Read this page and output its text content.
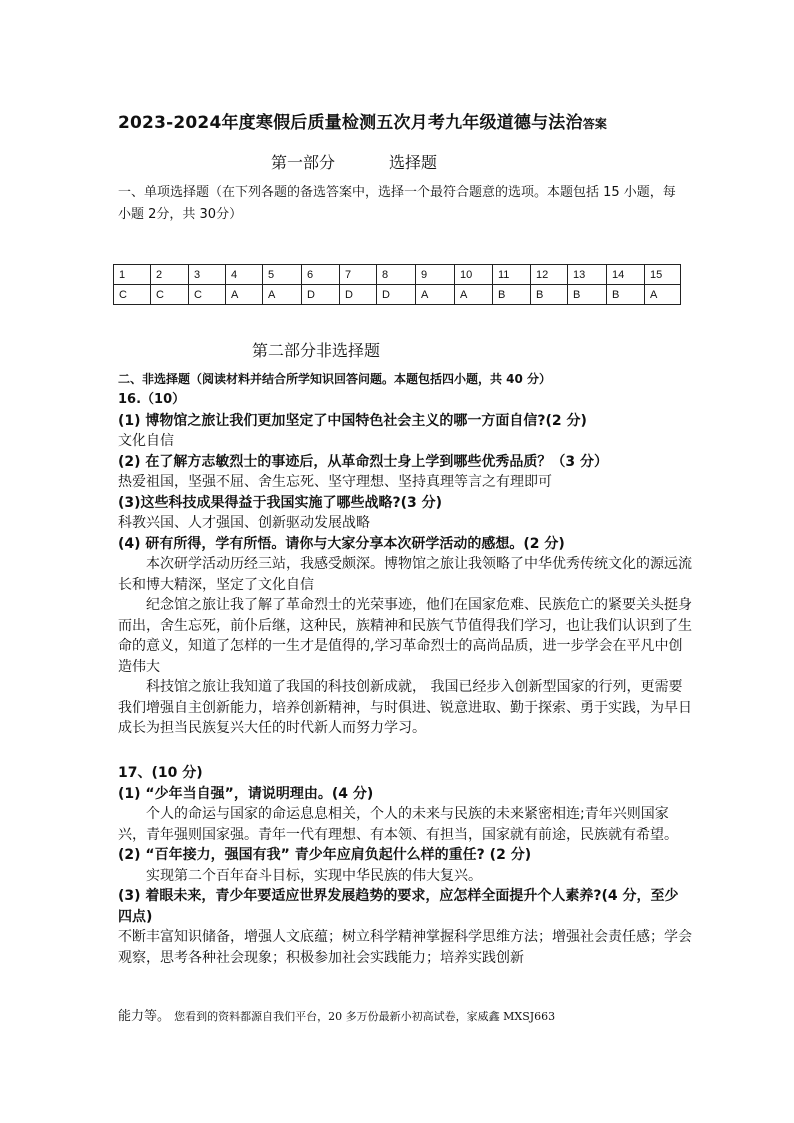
2023-2024年度寒假后质量检测五次月考九年级道德与法治答案
第一部分	选择题
一、单项选择题（在下列各题的备选答案中，选择一个最符合题意的选项。本题包括 15 小题，每小题 2分，共 30分）
1	2	3	4	5	6	7	8	9	10	11	12	13	14	15
C	C	C	A	A	D	D	D	A	A	B	B	B	B	A
第二部分非选择题
二、非选择题（阅读材料并结合所学知识回答问题。本题包括四小题，共 40 分）
16.（10）
(1) 博物馆之旅让我们更加坚定了中国特色社会主义的哪一方面自信?(2 分)
文化自信
(2) 在了解方志敏烈士的事迹后，从革命烈士身上学到哪些优秀品质？（3 分）
热爱祖国，坚强不屈、舍生忘死、坚守理想、坚持真理等言之有理即可
(3)这些科技成果得益于我国实施了哪些战略?(3 分)
科教兴国、人才强国、创新驱动发展战略
(4) 研有所得，学有所悟。请你与大家分享本次研学活动的感想。(2 分)
本次研学活动历经三站，我感受颇深。博物馆之旅让我领略了中华优秀传统文化的源远流长和博大精深，坚定了文化自信
纪念馆之旅让我了解了革命烈士的光荣事迹，他们在国家危难、民族危亡的紧要关头挺身而出，舍生忘死，前仆后继，这种民，族精神和民族气节值得我们学习，也让我们认识到了生命的意义，知道了怎样的一生才是值得的,学习革命烈士的高尚品质，进一步学会在平凡中创造伟大
科技馆之旅让我知道了我国的科技创新成就， 我国已经步入创新型国家的行列，更需要我们增强自主创新能力，培养创新精神，与时俱进、锐意进取、勤于探索、勇于实践，为早日成长为担当民族复兴大任的时代新人而努力学习。
17、(10 分)
(1) “少年当自强”，请说明理由。(4 分)
个人的命运与国家的命运息息相关，个人的未来与民族的未来紧密相连;青年兴则国家兴，青年强则国家强。青年一代有理想、有本领、有担当，国家就有前途，民族就有希望。
(2) “百年接力，强国有我” 青少年应肩负起什么样的重任? (2 分)
实现第二个百年奋斗目标，实现中华民族的伟大复兴。
(3) 着眼未来，青少年要适应世界发展趋势的要求，应怎样全面提升个人素养?(4 分，至少四点)
不断丰富知识储备，增强人文底蕴；树立科学精神掌握科学思维方法；增强社会责任感；学会观察，思考各种社会现象；积极参加社会实践能力；培养实践创新
能力等。 您看到的资料都源自我们平台，20 多万份最新小初高试卷，家威鑫 MXSJ663
